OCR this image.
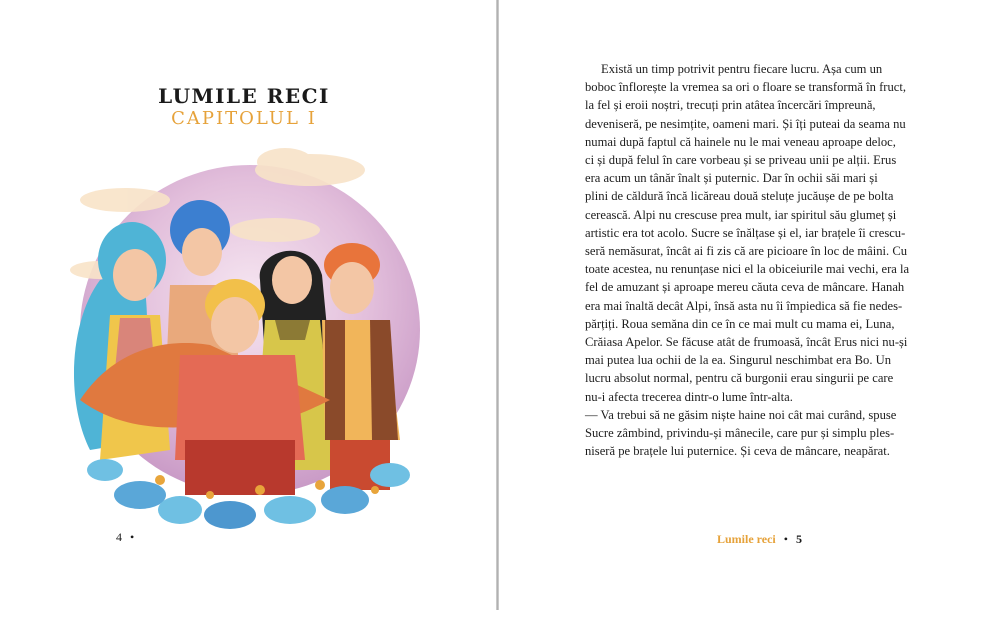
LUMILE RECI
CAPITOLUL I
4 •
Există un timp potrivit pentru fiecare lucru. Așa cum un
boboc înflorește la vremea sa ori o floare se transformă în fruct,
la fel și eroii noștri, trecuți prin atâtea încercări împreună,
deveniseră, pe nesimțite, oameni mari. Și îți puteai da seama nu
numai după faptul că hainele nu le mai veneau aproape deloc,
ci și după felul în care vorbeau și se priveau unii pe alții. Erus
era acum un tânăr înalt și puternic. Dar în ochii săi mari și
plini de căldură încă licăreau două steluțe jucăușe de pe bolta
cerească. Alpi nu crescuse prea mult, iar spiritul său glumeț și
artistic era tot acolo. Sucre se înălțase și el, iar brațele îi crescu-
seră nemăsurat, încât ai fi zis că are picioare în loc de mâini. Cu
toate acestea, nu renunțase nici el la obiceiurile mai vechi, era la
fel de amuzant și aproape mereu căuta ceva de mâncare. Hanah
era mai înaltă decât Alpi, însă asta nu îi împiedica să fie nedes-
părțiți. Roua semăna din ce în ce mai mult cu mama ei, Luna,
Crăiasa Apelor. Se făcuse atât de frumoasă, încât Erus nici nu-și
mai putea lua ochii de la ea. Singurul neschimbat era Bo. Un
lucru absolut normal, pentru că burgonii erau singurii pe care
nu-i afecta trecerea dintr-o lume într-alta.
— Va trebui să ne găsim niște haine noi cât mai curând, spuse
Sucre zâmbind, privindu-și mânecile, care pur și simplu ples-
niseră pe brațele lui puternice. Și ceva de mâncare, neapărat.
Lumile reci • 5
